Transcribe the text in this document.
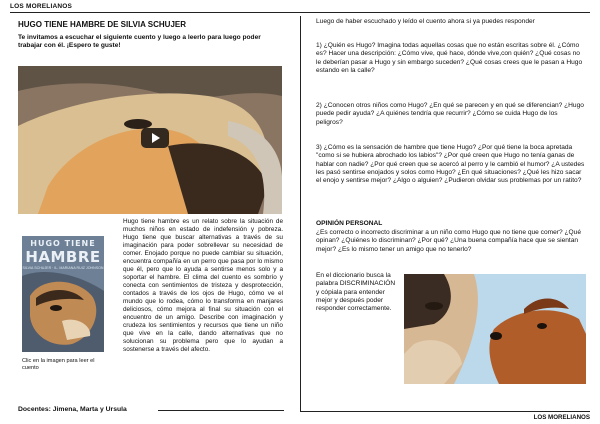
LOS MORELIANOS
HUGO TIENE HAMBRE DE SILVIA SCHUJER
Te invitamos a escuchar el siguiente cuento y luego a leerlo para luego poder trabajar con él. ¡Espero te guste!
HUGO TIENE
HAMBRE
SILVIA SCHUJER · IL. MARIANA RUIZ JOHNSON
Clic en la imagen para leer el cuento
Hugo tiene hambre es un relato sobre la situación de muchos niños en estado de indefensión y pobreza. Hugo tiene que buscar alternativas a través de su imaginación para poder sobrellevar su necesidad de comer. Enojado porque no puede cambiar su situación, encuentra compañía en un perro que pasa por lo mismo que él, pero que lo ayuda a sentirse menos solo y a soportar el hambre. El clima del cuento es sombrío y conecta con sentimientos de tristeza y desprotección, contados a través de los ojos de Hugo, cómo ve el mundo que lo rodea, cómo lo transforma en manjares deliciosos, cómo mejora al final su situación con el encuentro de un amigo. Describe con imaginación y crudeza los sentimientos y recursos que tiene un niño que vive en la calle, dando alternativas que no solucionan su problema pero que lo ayudan a sostenerse a través del afecto.
Docentes: Jimena, Marta y Ursula
Luego de haber escuchado y leído el cuento ahora si ya puedes responder
1) ¿Quién es Hugo? Imagina todas aquellas cosas que no están escritas sobre él. ¿Cómo es? Hacer una descripción: ¿Cómo vive, qué hace, dónde vive,con quién? ¿Qué cosas no le deberían pasar a Hugo y sin embargo suceden? ¿Qué cosas crees que le pasan a Hugo estando en la calle?
2) ¿Conocen otros niños como Hugo? ¿En qué se parecen y en qué se diferencian? ¿Hugo puede pedir ayuda? ¿A quiénes tendría que recurrir? ¿Cómo se cuida Hugo de los peligros?
3) ¿Cómo es la sensación de hambre que tiene Hugo? ¿Por qué tiene la boca apretada "como si se hubiera abrochado los labios"? ¿Por qué creen que Hugo no tenía ganas de hablar con nadie? ¿Por qué creen que se acercó al perro y le cambió el humor? ¿A ustedes les pasó sentirse enojados y solos como Hugo? ¿En qué situaciones? ¿Qué les hizo sacar el enojo y sentirse mejor? ¿Algo o alguien? ¿Pudieron olvidar sus problemas por un ratito?
OPINIÓN PERSONAL
¿Es correcto o incorrecto discriminar a un niño como Hugo que no tiene que comer? ¿Qué opinan? ¿Quiénes lo discriminan? ¿Por qué? ¿Una buena compañía hace que se sientan mejor? ¿Es lo mismo tener un amigo que no tenerlo?
En el diccionario busca la palabra DISCRIMINACIÓN y cópiala para entender mejor y después poder responder correctamente.
LOS MORELIANOS
